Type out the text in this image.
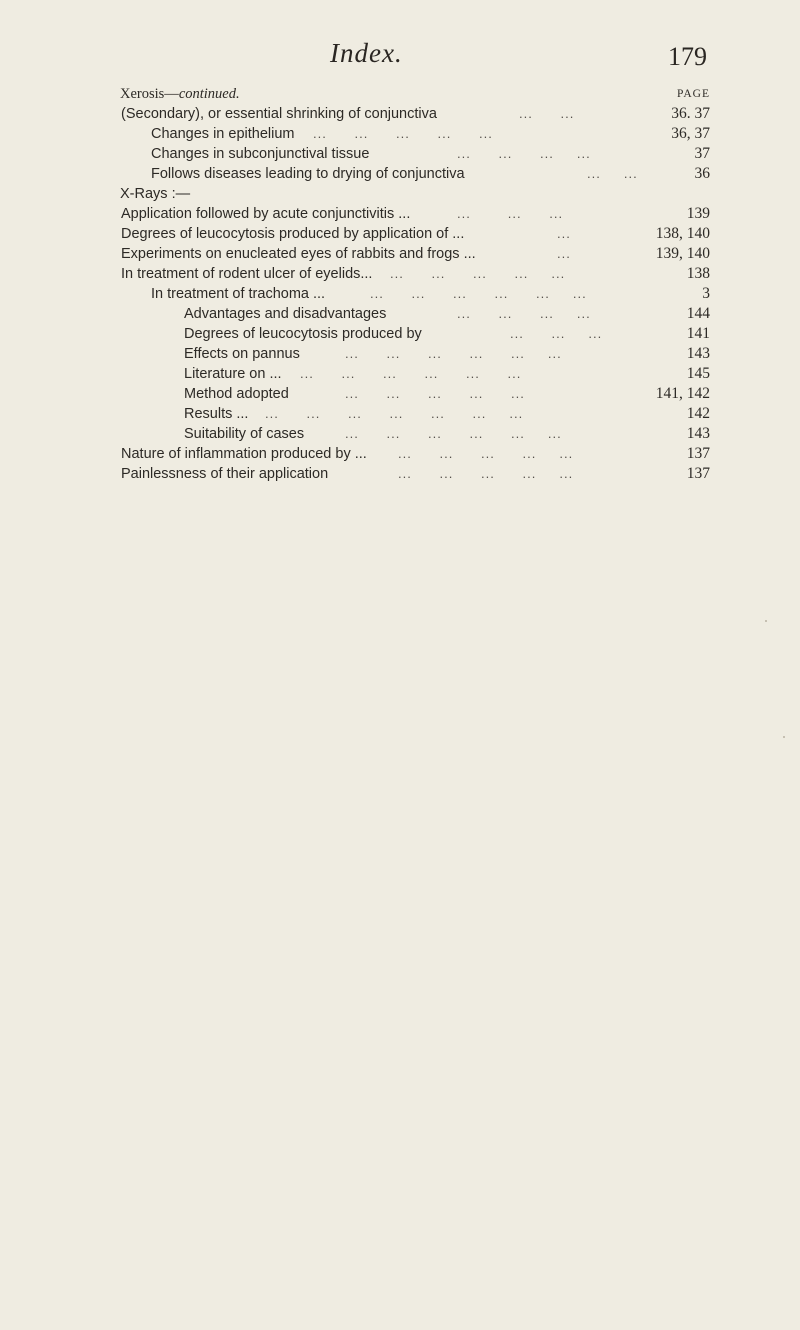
Index.	179
Xerosis—continued.	PAGE
(Secondary), or essential shrinking of conjunctiva	...      ...	36. 37
Changes in epithelium ...      ...      ...      ...      ...	36, 37
Changes in subconjunctival tissue	...      ...      ...     ...	37
Follows diseases leading to drying of conjunctiva	...     ...	36
X-Rays :—
Application followed by acute conjunctivitis ...	...        ...      ...	139
Degrees of leucocytosis produced by application of ...	...	138, 140
Experiments on enucleated eyes of rabbits and frogs ...	...	139, 140
In treatment of rodent ulcer of eyelids... ...      ...      ...      ...     ...	138
In treatment of trachoma ...	...      ...      ...      ...      ...     ...	3
Advantages and disadvantages	...      ...      ...     ...	144
Degrees of leucocytosis produced by	...      ...     ...	141
Effects on pannus	...      ...      ...      ...      ...     ...	143
Literature on ... ...      ...      ...      ...      ...      ...	145
Method adopted	...      ...      ...      ...      ...	141, 142
Results ... ...      ...      ...      ...      ...      ...     ...	142
Suitability of cases	...      ...      ...      ...      ...     ...	143
Nature of inflammation produced by ... ...      ...      ...      ...     ...	137
Painlessness of their application	...      ...      ...      ...     ...	137
